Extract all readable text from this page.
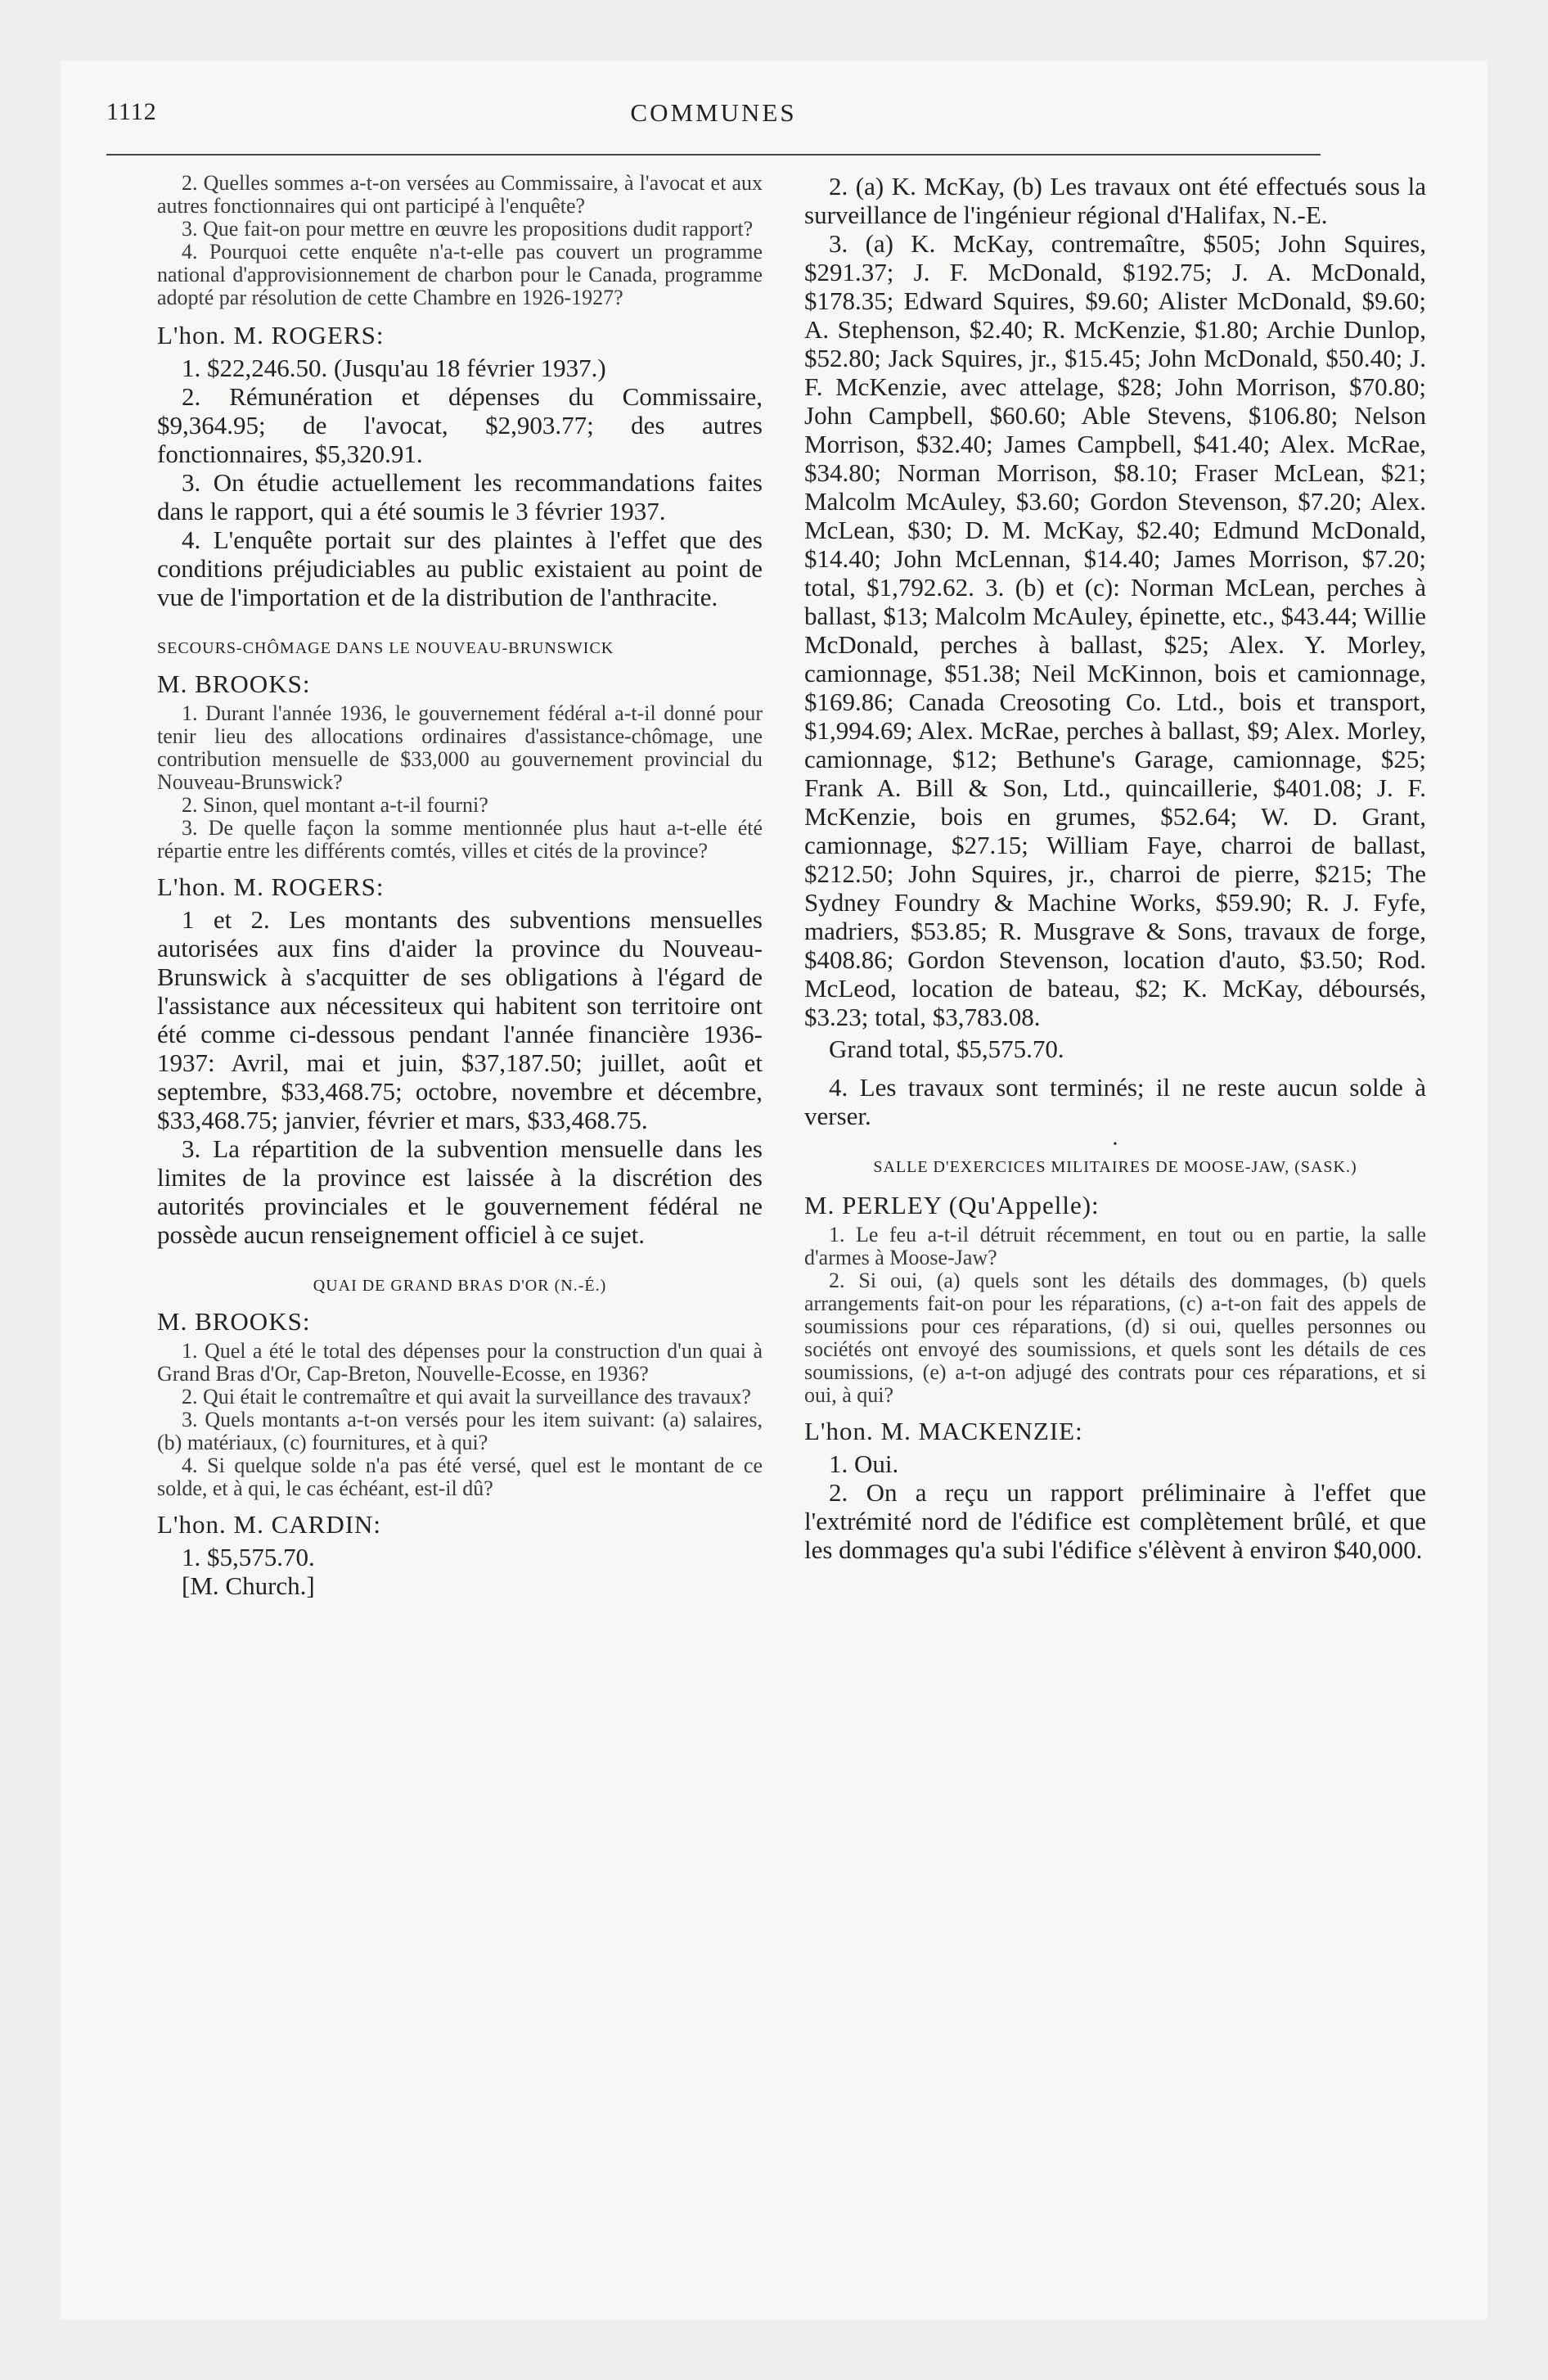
1112	COMMUNES

2. Quelles sommes a-t-on versées au Commissaire, à l'avocat et aux autres fonctionnaires qui ont participé à l'enquête?

3. Que fait-on pour mettre en œuvre les propositions dudit rapport?

4. Pourquoi cette enquête n'a-t-elle pas couvert un programme national d'approvisionnement de charbon pour le Canada, programme adopté par résolution de cette Chambre en 1926-1927?

L'hon. M. ROGERS:

1. $22,246.50. (Jusqu'au 18 février 1937.)

2. Rémunération et dépenses du Commissaire, $9,364.95; de l'avocat, $2,903.77; des autres fonctionnaires, $5,320.91.

3. On étudie actuellement les recommandations faites dans le rapport, qui a été soumis le 3 février 1937.

4. L'enquête portait sur des plaintes à l'effet que des conditions préjudiciables au public existaient au point de vue de l'importation et de la distribution de l'anthracite.

SECOURS-CHÔMAGE DANS LE NOUVEAU-BRUNSWICK
M. BROOKS:

1. Durant l'année 1936, le gouvernement fédéral a-t-il donné pour tenir lieu des allocations ordinaires d'assistance-chômage, une contribution mensuelle de $33,000 au gouvernement provincial du Nouveau-Brunswick?

2. Sinon, quel montant a-t-il fourni?

3. De quelle façon la somme mentionnée plus haut a-t-elle été répartie entre les différents comtés, villes et cités de la province?

L'hon. M. ROGERS:

1 et 2. Les montants des subventions mensuelles autorisées aux fins d'aider la province du Nouveau-Brunswick à s'acquitter de ses obligations à l'égard de l'assistance aux nécessiteux qui habitent son territoire ont été comme ci-dessous pendant l'année financière 1936-1937: Avril, mai et juin, $37,187.50; juillet, août et septembre, $33,468.75; octobre, novembre et décembre, $33,468.75; janvier, février et mars, $33,468.75.

3. La répartition de la subvention mensuelle dans les limites de la province est laissée à la discrétion des autorités provinciales et le gouvernement fédéral ne possède aucun renseignement officiel à ce sujet.

QUAI DE GRAND BRAS D'OR (N.-É.)
M. BROOKS:

1. Quel a été le total des dépenses pour la construction d'un quai à Grand Bras d'Or, Cap-Breton, Nouvelle-Ecosse, en 1936?

2. Qui était le contremaître et qui avait la surveillance des travaux?

3. Quels montants a-t-on versés pour les item suivant: (a) salaires, (b) matériaux, (c) fournitures, et à qui?

4. Si quelque solde n'a pas été versé, quel est le montant de ce solde, et à qui, le cas échéant, est-il dû?

L'hon. M. CARDIN:

1. $5,575.70.

[M. Church.]

2. (a) K. McKay, (b) Les travaux ont été effectués sous la surveillance de l'ingénieur régional d'Halifax, N.-E.

3. (a) K. McKay, contremaître, $505; John Squires, $291.37; J. F. McDonald, $192.75; J. A. McDonald, $178.35; Edward Squires, $9.60; Alister McDonald, $9.60; A. Stephenson, $2.40; R. McKenzie, $1.80; Archie Dunlop, $52.80; Jack Squires, jr., $15.45; John McDonald, $50.40; J. F. McKenzie, avec attelage, $28; John Morrison, $70.80; John Campbell, $60.60; Able Stevens, $106.80; Nelson Morrison, $32.40; James Campbell, $41.40; Alex. McRae, $34.80; Norman Morrison, $8.10; Fraser McLean, $21; Malcolm McAuley, $3.60; Gordon Stevenson, $7.20; Alex. McLean, $30; D. M. McKay, $2.40; Edmund McDonald, $14.40; John McLennan, $14.40; James Morrison, $7.20; total, $1,792.62. 3. (b) et (c): Norman McLean, perches à ballast, $13; Malcolm McAuley, épinette, etc., $43.44; Willie McDonald, perches à ballast, $25; Alex. Y. Morley, camionnage, $51.38; Neil McKinnon, bois et camionnage, $169.86; Canada Creosoting Co. Ltd., bois et transport, $1,994.69; Alex. McRae, perches à ballast, $9; Alex. Morley, camionnage, $12; Bethune's Garage, camionnage, $25; Frank A. Bill & Son, Ltd., quincaillerie, $401.08; J. F. McKenzie, bois en grumes, $52.64; W. D. Grant, camionnage, $27.15; William Faye, charroi de ballast, $212.50; John Squires, jr., charroi de pierre, $215; The Sydney Foundry & Machine Works, $59.90; R. J. Fyfe, madriers, $53.85; R. Musgrave & Sons, travaux de forge, $408.86; Gordon Stevenson, location d'auto, $3.50; Rod. McLeod, location de bateau, $2; K. McKay, déboursés, $3.23; total, $3,783.08.

Grand total, $5,575.70.

4. Les travaux sont terminés; il ne reste aucun solde à verser.

•
SALLE D'EXERCICES MILITAIRES DE MOOSE-JAW, (SASK.)
M. PERLEY (Qu'Appelle):

1. Le feu a-t-il détruit récemment, en tout ou en partie, la salle d'armes à Moose-Jaw?

2. Si oui, (a) quels sont les détails des dommages, (b) quels arrangements fait-on pour les réparations, (c) a-t-on fait des appels de soumissions pour ces réparations, (d) si oui, quelles personnes ou sociétés ont envoyé des soumissions, et quels sont les détails de ces soumissions, (e) a-t-on adjugé des contrats pour ces réparations, et si oui, à qui?

L'hon. M. MACKENZIE:

1. Oui.

2. On a reçu un rapport préliminaire à l'effet que l'extrémité nord de l'édifice est complètement brûlé, et que les dommages qu'a subi l'édifice s'élèvent à environ $40,000.
